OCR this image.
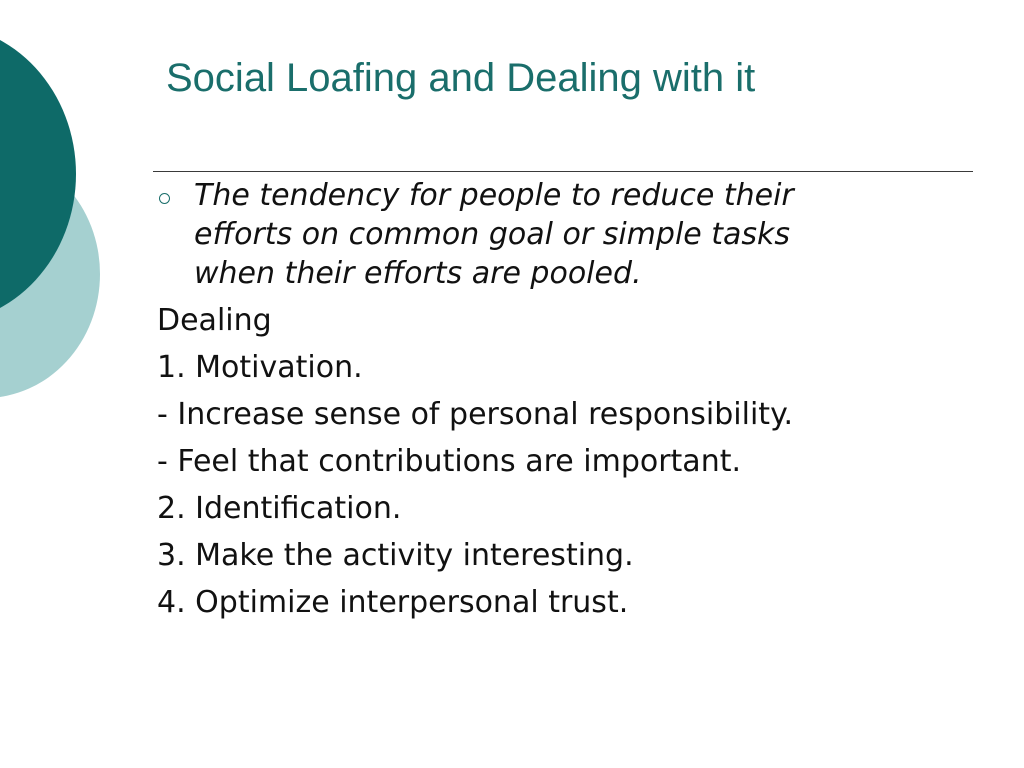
Social Loafing and Dealing with it

The tendency for people to reduce their
efforts on common goal or simple tasks
when their efforts are pooled.

Dealing
1. Motivation.
- Increase sense of personal responsibility.
- Feel that contributions are important.
2. Identification.
3. Make the activity interesting.
4. Optimize interpersonal trust.
